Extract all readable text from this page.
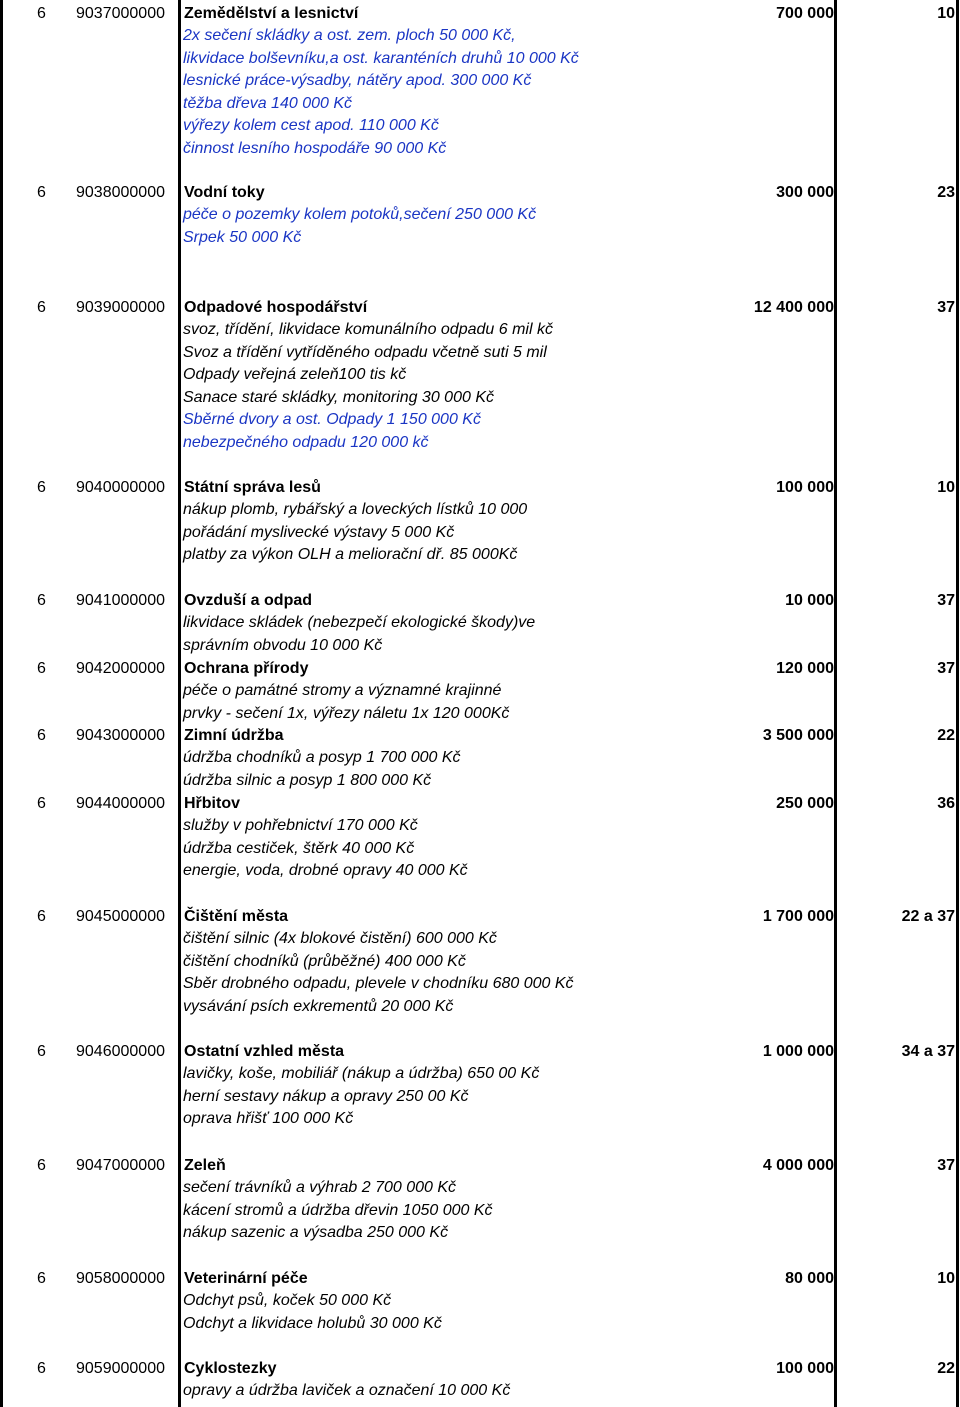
6	9037000000	Zemědělství a lesnictví	700 000	10
2x sečení skládky a ost. zem. ploch 50 000 Kč,
likvidace bolševníku,a ost. karanténích druhů 10 000 Kč
lesnické práce-výsadby, nátěry apod. 300 000 Kč
těžba dřeva 140 000 Kč
výřezy kolem cest apod. 110 000 Kč
činnost lesního hospodáře 90 000 Kč
6	9038000000	Vodní toky	300 000	23
péče o pozemky kolem potoků,sečení 250 000 Kč
Srpek 50 000 Kč
6	9039000000	Odpadové hospodářství	12 400 000	37
svoz, třídění, likvidace komunálního odpadu 6 mil kč
Svoz a třídění vytříděného odpadu včetně suti 5 mil
Odpady veřejná zeleň100 tis kč
Sanace staré skládky, monitoring 30 000 Kč
Sběrné dvory a ost. Odpady 1 150 000 Kč
nebezpečného odpadu 120 000 kč
6	9040000000	Státní správa lesů	100 000	10
nákup plomb, rybářský a loveckých lístků 10 000
pořádání myslivecké výstavy 5 000 Kč
platby za výkon OLH a meliorační dř. 85 000Kč
6	9041000000	Ovzduší a odpad	10 000	37
likvidace skládek (nebezpečí ekologické škody)ve
správním obvodu 10 000 Kč
6	9042000000	Ochrana přírody	120 000	37
péče o památné stromy a významné krajinné
prvky - sečení 1x, výřezy náletu 1x 120 000Kč
6	9043000000	Zimní údržba	3 500 000	22
údržba chodníků a posyp 1 700 000 Kč
údržba silnic a posyp 1 800 000 Kč
6	9044000000	Hřbitov	250 000	36
služby v pohřebnictví 170 000 Kč
údržba cestiček, štěrk 40 000 Kč
energie, voda, drobné opravy 40 000 Kč
6	9045000000	Čištění města	1 700 000	22 a 37
čištění silnic (4x blokové čistění) 600 000 Kč
čištění chodníků (průběžné) 400 000 Kč
Sběr drobného odpadu, plevele v chodníku 680 000 Kč
vysávání psích exkrementů 20 000 Kč
6	9046000000	Ostatní vzhled města	1 000 000	34 a 37
lavičky, koše, mobiliář (nákup a údržba) 650 00 Kč
herní sestavy nákup a opravy 250 00 Kč
oprava hřišť 100 000 Kč
6	9047000000	Zeleň	4 000 000	37
sečení trávníků a výhrab 2 700 000 Kč
kácení stromů a údržba dřevin 1050 000 Kč
nákup sazenic a výsadba 250 000 Kč
6	9058000000	Veterinární péče	80 000	10
Odchyt psů, koček 50 000 Kč
Odchyt a likvidace holubů 30 000 Kč
6	9059000000	Cyklostezky	100 000	22
opravy a údržba laviček a označení 10 000 Kč
